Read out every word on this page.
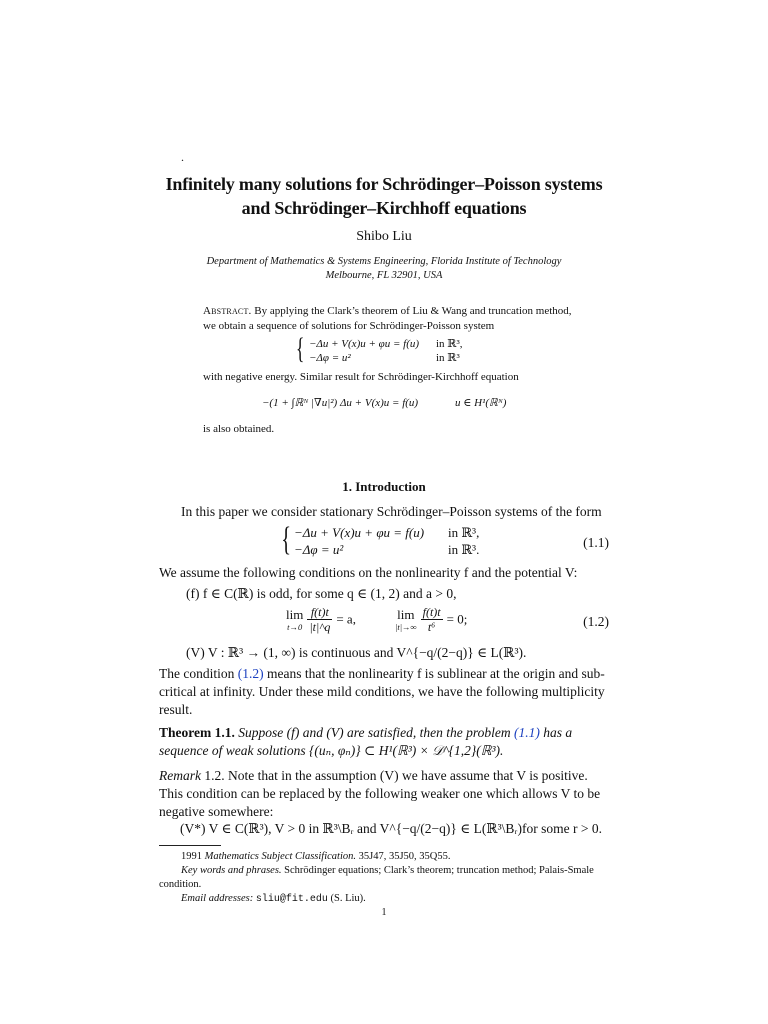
.
Infinitely many solutions for Schrödinger–Poisson systems
and Schrödinger–Kirchhoff equations
Shibo Liu
Department of Mathematics & Systems Engineering, Florida Institute of Technology
Melbourne, FL 32901, USA
Abstract. By applying the Clark’s theorem of Liu & Wang and truncation method,
we obtain a sequence of solutions for Schrödinger-Poisson system
{ −Δu + V(x)u + φu = f(u) in ℝ³,
−Δφ = u²	in ℝ³
with negative energy. Similar result for Schrödinger-Kirchhoff equation
−(1 + ∫ℝᴺ |∇u|²) Δu + V(x)u = f(u)	u ∈ H¹(ℝᴺ)
is also obtained.
1. Introduction
In this paper we consider stationary Schrödinger–Poisson systems of the form
{ −Δu + V(x)u + φu = f(u) in ℝ³,
−Δφ = u²	in ℝ³.	(1.1)
We assume the following conditions on the nonlinearity f and the potential V:
(f) f ∈ C(ℝ) is odd, for some q ∈ (1, 2) and a > 0,
lim
t→0
$\frac{f(t)t}{|t|\^{}q} = a$,	lim
|t|→∞
$\frac{f(t)t}{\text{t⁶}} = 0$;	(1.2)
(V) V : ℝ³ → (1, ∞) is continuous and V^{−q/(2−q)} ∈ L(ℝ³).
The condition (1.2) means that the nonlinearity f is sublinear at the origin and sub-critical at infinity. Under these mild conditions, we have the following multiplicity result.
Theorem 1.1. Suppose (f) and (V) are satisfied, then the problem (1.1) has a sequence of weak solutions {(uₙ, φₙ)} ⊂ H¹(ℝ³) × 𝒟^{1,2}(ℝ³).
Remark 1.2. Note that in the assumption (V) we have assume that V is positive. This condition can be replaced by the following weaker one which allows V to be negative somewhere:
(V*) V ∈ C(ℝ³), V > 0 in ℝ³\Bᵣ and V^{−q/(2−q)} ∈ L(ℝ³\Bᵣ)for some r > 0.
1991 Mathematics Subject Classification. 35J47, 35J50, 35Q55.
Key words and phrases. Schrödinger equations; Clark’s theorem; truncation method; Palais-Smale condition.
Email addresses: sliu@fit.edu (S. Liu).
1
